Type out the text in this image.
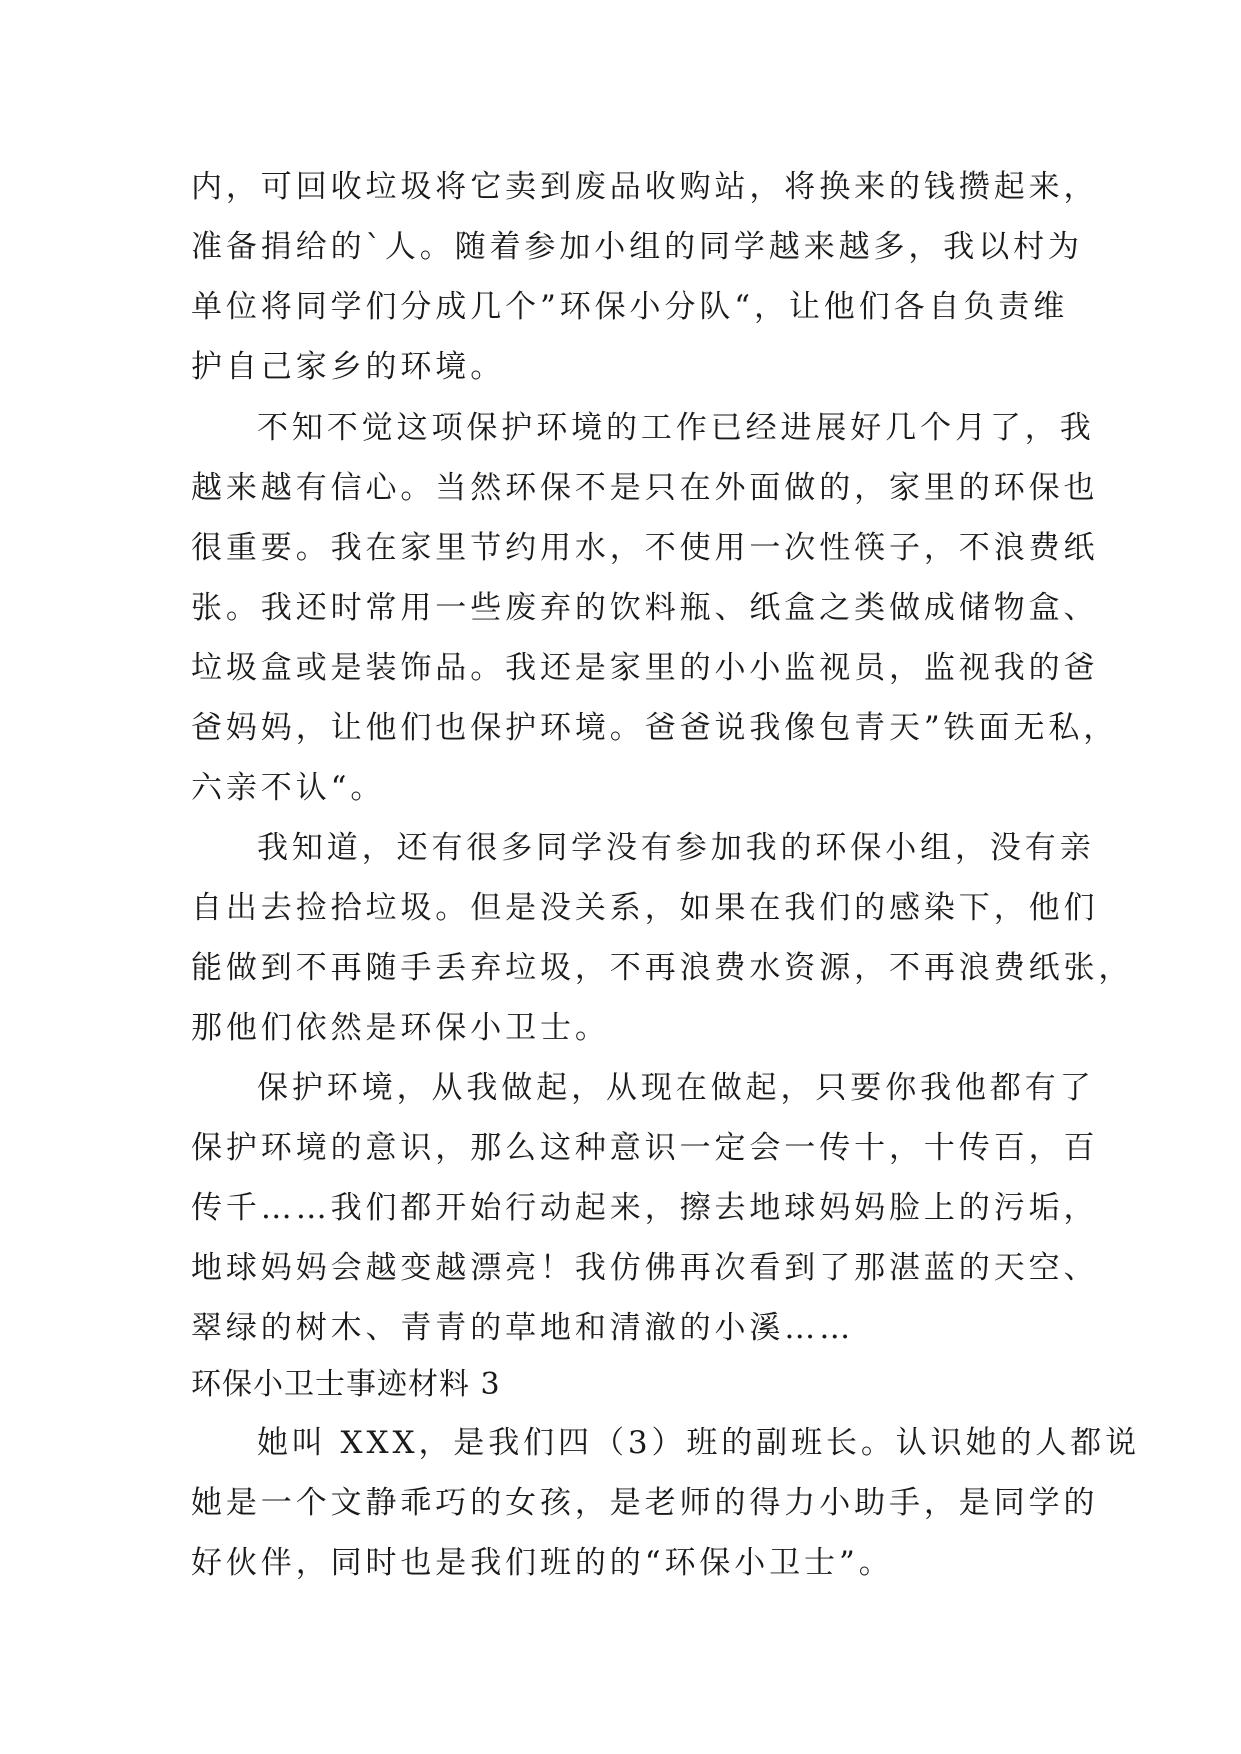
内，可回收垃圾将它卖到废品收购站，将换来的钱攒起来，
准备捐给的`人。随着参加小组的同学越来越多，我以村为
单位将同学们分成几个”环保小分队“，让他们各自负责维
护自己家乡的环境。
不知不觉这项保护环境的工作已经进展好几个月了，我
越来越有信心。当然环保不是只在外面做的，家里的环保也
很重要。我在家里节约用水，不使用一次性筷子，不浪费纸
张。我还时常用一些废弃的饮料瓶、纸盒之类做成储物盒、
垃圾盒或是装饰品。我还是家里的小小监视员，监视我的爸
爸妈妈，让他们也保护环境。爸爸说我像包青天”铁面无私，
六亲不认“。
我知道，还有很多同学没有参加我的环保小组，没有亲
自出去捡拾垃圾。但是没关系，如果在我们的感染下，他们
能做到不再随手丢弃垃圾，不再浪费水资源，不再浪费纸张，
那他们依然是环保小卫士。
保护环境，从我做起，从现在做起，只要你我他都有了
保护环境的意识，那么这种意识一定会一传十，十传百，百
传千……我们都开始行动起来，擦去地球妈妈脸上的污垢，
地球妈妈会越变越漂亮！我仿佛再次看到了那湛蓝的天空、
翠绿的树木、青青的草地和清澈的小溪……
环保小卫士事迹材料 3
她叫 XXX，是我们四（3）班的副班长。认识她的人都说
她是一个文静乖巧的女孩，是老师的得力小助手，是同学的
好伙伴，同时也是我们班的的“环保小卫士”。
